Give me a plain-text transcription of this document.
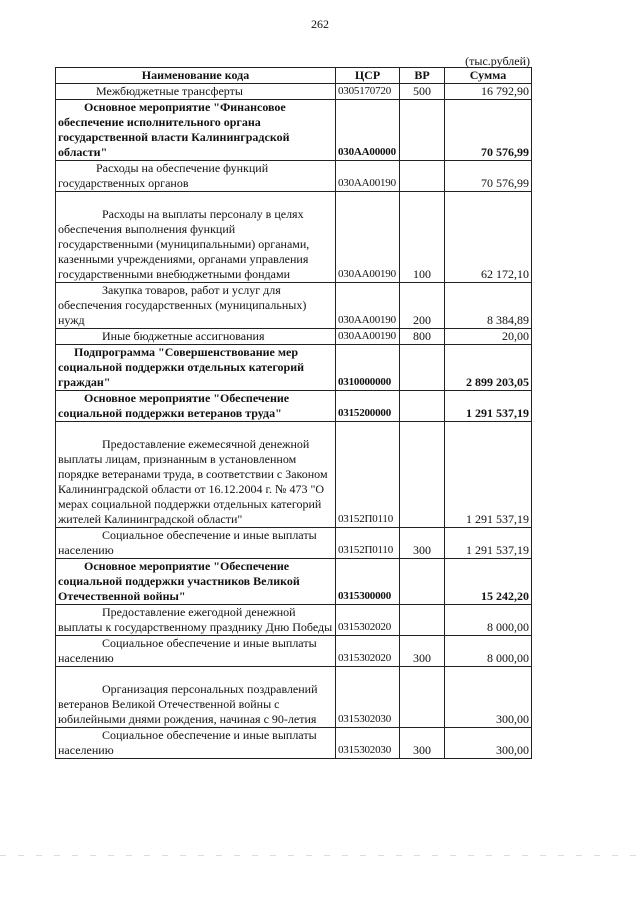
262
(тыс.рублей)
Наименование кода	ЦСР	ВР	Сумма
Межбюджетные трансферты	0305170720	500	16 792,90
Основное мероприятие "Финансовое обеспечение исполнительного органа государственной власти Калининградской области"	030АА00000		70 576,99
Расходы на обеспечение функций государственных органов	030АА00190		70 576,99

Расходы на выплаты персоналу в целях обеспечения выполнения функций государственными (муниципальными) органами, казенными учреждениями, органами управления государственными внебюджетными фондами	030АА00190	100	62 172,10
Закупка товаров, работ и услуг для обеспечения государственных (муниципальных) нужд	030АА00190	200	8 384,89
Иные бюджетные ассигнования	030АА00190	800	20,00
Подпрограмма "Совершенствование мер социальной поддержки отдельных категорий граждан"	0310000000		2 899 203,05
Основное мероприятие "Обеспечение социальной поддержки ветеранов труда"	0315200000		1 291 537,19

Предоставление ежемесячной денежной выплаты лицам, признанным в установленном порядке ветеранами труда, в соответствии с Законом Калининградской области от 16.12.2004 г. № 473 "О мерах социальной поддержки отдельных категорий жителей Калининградской области"	03152П0110		1 291 537,19
Социальное обеспечение и иные выплаты населению	03152П0110	300	1 291 537,19
Основное мероприятие "Обеспечение социальной поддержки участников Великой Отечественной войны"	0315300000		15 242,20
Предоставление ежегодной денежной выплаты к государственному празднику Дню Победы	0315302020		8 000,00
Социальное обеспечение и иные выплаты населению	0315302020	300	8 000,00

Организация персональных поздравлений ветеранов Великой Отечественной войны с юбилейными днями рождения, начиная с 90-летия	0315302030		300,00
Социальное обеспечение и иные выплаты населению	0315302030	300	300,00
